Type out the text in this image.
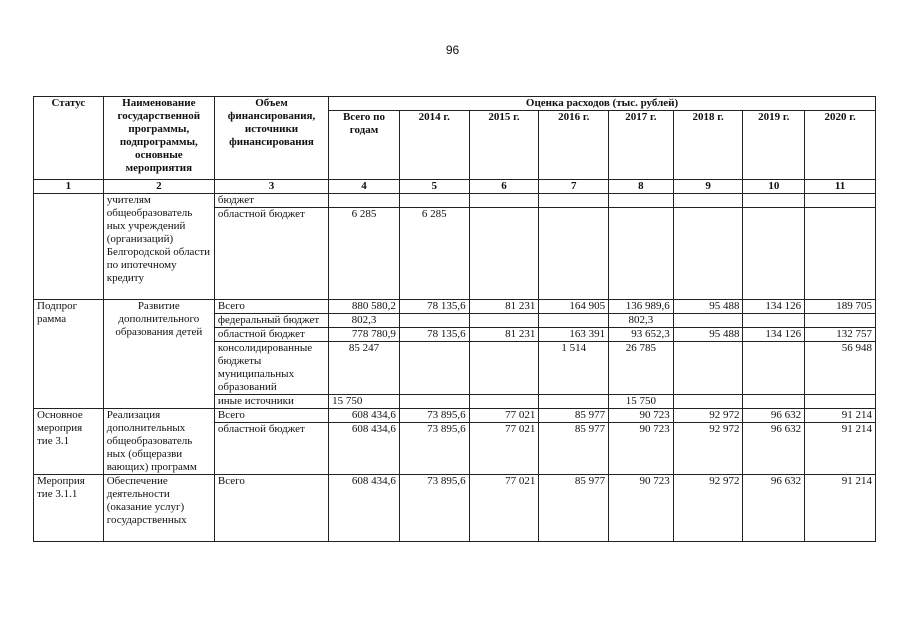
96
Статус	Наименование государственной программы, подпрограммы, основные мероприятия	Объем финансирования, источники финансирования	Оценка расходов (тыс. рублей)							
			Всего по годам	2014 г.	2015 г.	2016 г.	2017 г.	2018 г.	2019 г.	2020 г.
1	2	3	4	5	6	7	8	9	10	11
	учителям общеобразователь ных учреждений (организаций) Белгородской области по ипотечному кредиту	бюджет								
		областной бюджет	6 285	6 285						
Подпрог рамма	Развитие дополнительного образования детей	Всего	880 580,2	78 135,6	81 231	164 905	136 989,6	95 488	134 126	189 705
		федеральный бюджет	802,3				802,3			
		областной бюджет	778 780,9	78 135,6	81 231	163 391	93 652,3	95 488	134 126	132 757
		консолидированные бюджеты муниципальных образований	85 247			1 514	26 785			56 948
		иные источники	15 750				15 750			
Основное мероприя тие 3.1	Реализация дополнительных общеобразователь ных (общеразви вающих) программ	Всего	608 434,6	73 895,6	77 021	85 977	90 723	92 972	96 632	91 214
		областной бюджет	608 434,6	73 895,6	77 021	85 977	90 723	92 972	96 632	91 214
Мероприя тие 3.1.1	Обеспечение деятельности (оказание услуг) государственных	Всего	608 434,6	73 895,6	77 021	85 977	90 723	92 972	96 632	91 214
